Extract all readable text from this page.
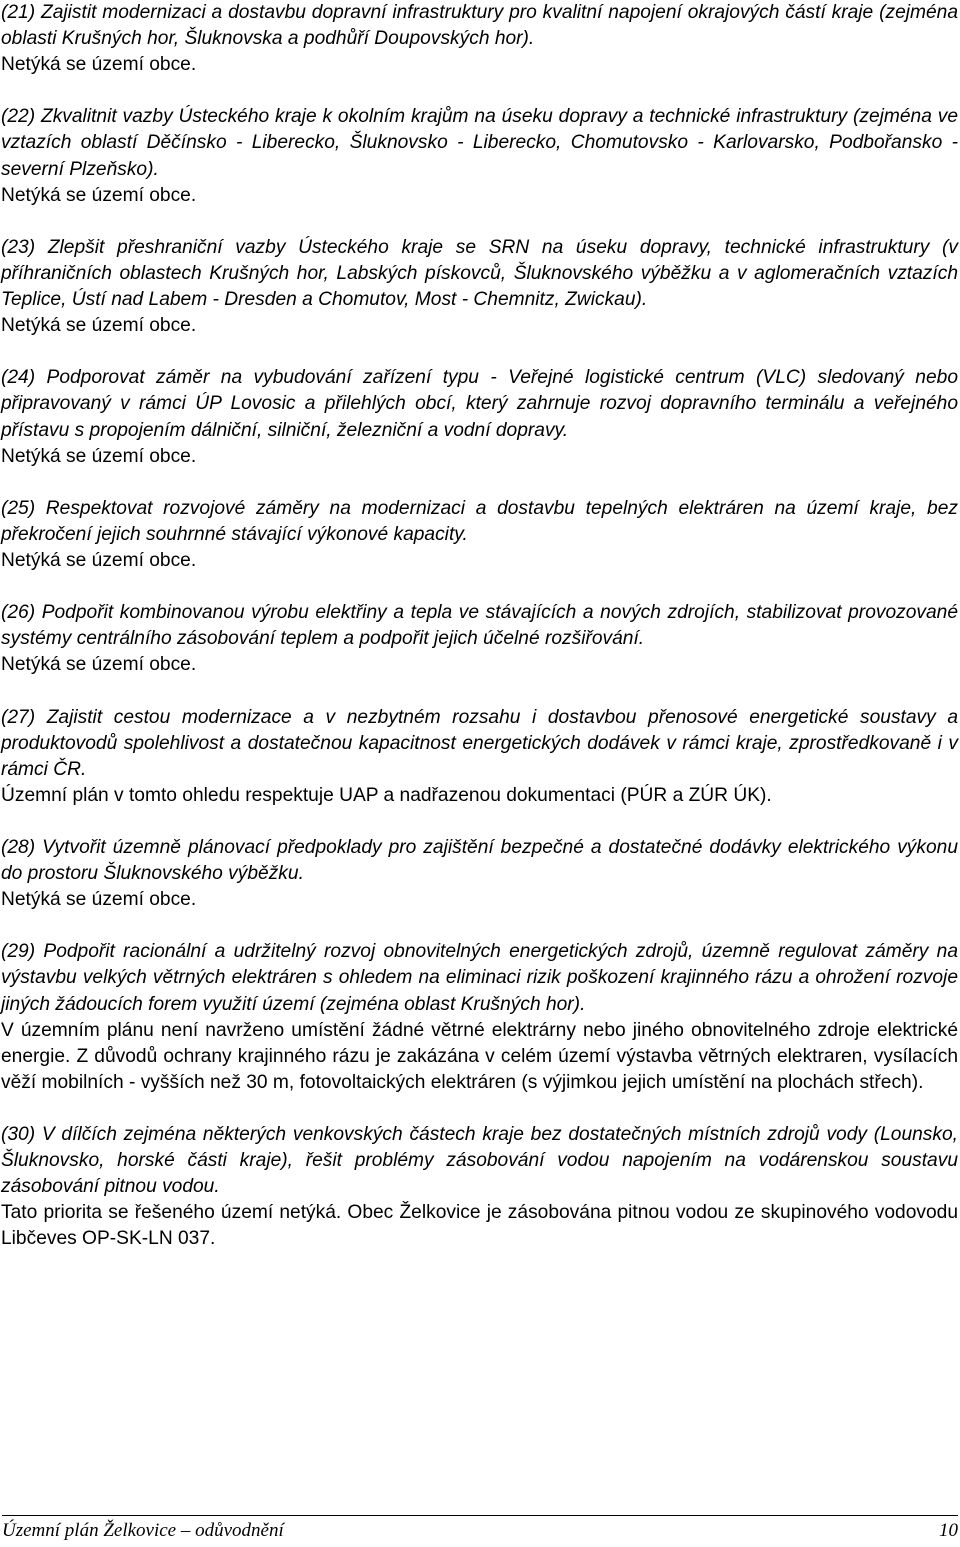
(21) Zajistit modernizaci a dostavbu dopravní infrastruktury pro kvalitní napojení okrajových částí kraje (zejména oblasti Krušných hor, Šluknovska a podhůří Doupovských hor).

Netýká se území obce.

(22) Zkvalitnit vazby Ústeckého kraje k okolním krajům na úseku dopravy a technické infrastruktury (zejména ve vztazích oblastí Děčínsko - Liberecko, Šluknovsko - Liberecko, Chomutovsko - Karlovarsko, Podbořansko - severní Plzeňsko).

Netýká se území obce.

(23) Zlepšit přeshraniční vazby Ústeckého kraje se SRN na úseku dopravy, technické infrastruktury (v příhraničních oblastech Krušných hor, Labských pískovců, Šluknovského výběžku a v aglomeračních vztazích Teplice, Ústí nad Labem - Dresden a Chomutov, Most - Chemnitz, Zwickau).

Netýká se území obce.

(24) Podporovat záměr na vybudování zařízení typu - Veřejné logistické centrum (VLC) sledovaný nebo připravovaný v rámci ÚP Lovosic a přilehlých obcí, který zahrnuje rozvoj dopravního terminálu a veřejného přístavu s propojením dálniční, silniční, železniční a vodní dopravy.

Netýká se území obce.

(25) Respektovat rozvojové záměry na modernizaci a dostavbu tepelných elektráren na území kraje, bez překročení jejich souhrnné stávající výkonové kapacity.

Netýká se území obce.

(26) Podpořit kombinovanou výrobu elektřiny a tepla ve stávajících a nových zdrojích, stabilizovat provozované systémy centrálního zásobování teplem a podpořit jejich účelné rozšiřování.

Netýká se území obce.

(27) Zajistit cestou modernizace a v nezbytném rozsahu i dostavbou přenosové energetické soustavy a produktovodů spolehlivost a dostatečnou kapacitnost energetických dodávek v rámci kraje, zprostředkovaně i v rámci ČR.

Územní plán v tomto ohledu respektuje UAP a nadřazenou dokumentaci (PÚR a ZÚR ÚK).

(28) Vytvořit územně plánovací předpoklady pro zajištění bezpečné a dostatečné dodávky elektrického výkonu do prostoru Šluknovského výběžku.

Netýká se území obce.

(29) Podpořit racionální a udržitelný rozvoj obnovitelných energetických zdrojů, územně regulovat záměry na výstavbu velkých větrných elektráren s ohledem na eliminaci rizik poškození krajinného rázu a ohrožení rozvoje jiných žádoucích forem využití území (zejména oblast Krušných hor).

V územním plánu není navrženo umístění žádné větrné elektrárny nebo jiného obnovitelného zdroje elektrické energie. Z důvodů ochrany krajinného rázu je zakázána v celém území výstavba větrných elektraren, vysílacích věží mobilních - vyšších než 30 m, fotovoltaických elektráren (s výjimkou jejich umístění na plochách střech).

(30) V dílčích zejména některých venkovských částech kraje bez dostatečných místních zdrojů vody (Lounsko, Šluknovsko, horské části kraje), řešit problémy zásobování vodou napojením na vodárenskou soustavu zásobování pitnou vodou.

Tato priorita se řešeného území netýká. Obec Želkovice je zásobována pitnou vodou ze skupinového vodovodu Libčeves OP-SK-LN 037.

Územní plán Želkovice – odůvodnění	10
